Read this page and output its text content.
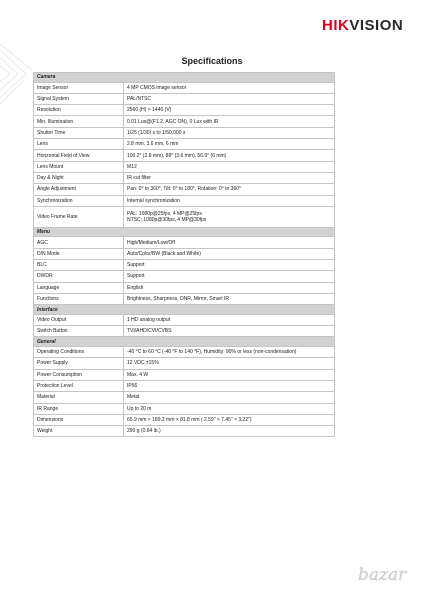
HIKVISION
Specifications
Camera	
Image Sensor	4 MP CMOS image sensor
Signal System	PAL/NTSC
Resolution	2560 (H) × 1440 (V)
Min. Illumination	0.01 Lux@(F1.2, AGC ON), 0 Lux with IR
Shutter Time	1/25 (1/30) s to 1/50,000 s
Lens	2.8 mm, 3.6 mm, 6 mm
Horizontal Field of View	100.2° (2.8 mm), 88° (3.6 mm), 56.9° (6 mm)
Lens Mount	M12
Day & Night	IR cut filter
Angle Adjustment	Pan: 0° to 360°, Tilt: 0° to 180°, Rotation: 0° to 360°
Synchronization	Internal synchronization
Video Frame Rate	PAL: 1080p@25fps, 4 MP@25fps
NTSC: 1080p@30fps, 4 MP@30fps
Menu	
AGC	High/Medium/Low/Off
D/N Mode	Auto/Color/BW (Black and White)
BLC	Support
DWDR	Support
Language	English
Functions	Brightness, Sharpness, DNR, Mirror, Smart IR
Interface	
Video Output	1 HD analog output
Switch Button	TVI/AHD/CVI/CVBS
General	
Operating Conditions	-40 °C to 60 °C (-40 °F to 140 °F), Humidity: 90% or less (non-condensation)
Power Supply	12 VDC ±15%
Power Consumption	Max. 4 W
Protection Level	IP66
Material	Metal
IR Range	Up to 20 m
Dimensions	65.9 mm × 189.2 mm × 81.8 mm ( 2.59" × 7.45" × 3.22")
Weight	290 g (0.64 lb.)
bazar
